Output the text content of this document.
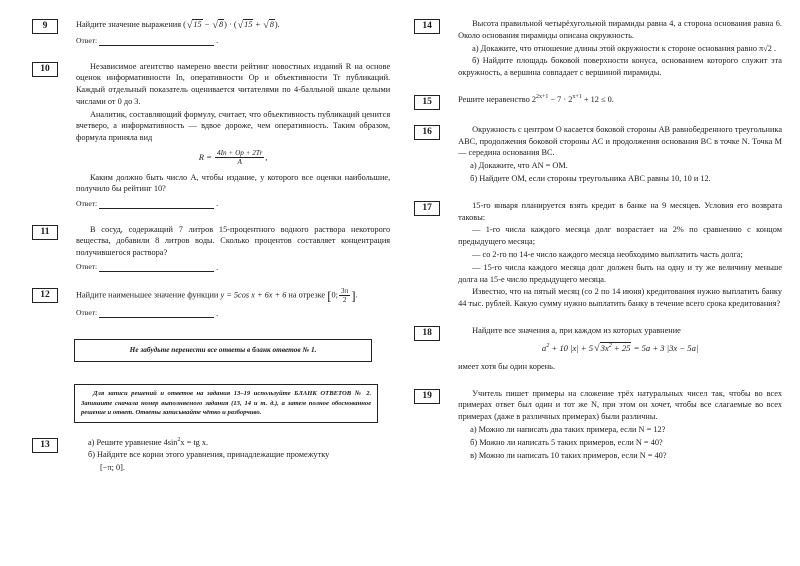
9	Найдите значение выражения (√15 − √8) · (√15 + √8).

Ответ:	.
10	Независимое агентство намерено ввести рейтинг новостных изданий R на основе оценок информативности In, оперативности Op и объективности Tr публикаций. Каждый отдельный показатель оценивается читателями по 4-балльной шкале целыми числами от 0 до 3.

Аналитик, составляющий формулу, считает, что объективность публикаций ценится вчетверо, а информативность — вдвое дороже, чем оперативность. Таким образом, формула приняла вид

$R = \frac{4In + Op + 2Tr}{A}$ ,

Каким должно быть число A, чтобы издание, у которого все оценки наибольшие, получило бы рейтинг 10?

Ответ:	.
11	В сосуд, содержащий 7 литров 15-процентного водного раствора некоторого вещества, добавили 8 литров воды. Сколько процентов составляет концентрация получившегося раствора?

Ответ:	.
12	Найдите наименьшее значение функции y = 5cos x + 6x + 6 на отрезке [0; $\frac{3\pi}{2}$ ].

Ответ:	.
Не забудьте перенести все ответы в бланк ответов № 1.
Для записи решений и ответов на задания 13–19 используйте БЛАНК ОТВЕТОВ № 2. Запишите сначала номер выполняемого задания (13, 14 и т. д.), а затем полное обоснованное решение и ответ. Ответы записывайте чётко и разборчиво.
13	а) Решите уравнение $4\sin^2x$ = tg x.

б) Найдите все корни этого уравнения, принадлежащие промежутку

[−π; 0].

14	Высота правильной четырёхугольной пирамиды равна 4, а сторона основания равна 6. Около основания пирамиды описана окружность.

а) Докажите, что отношение длины этой окружности к стороне основания равно π√2 .

б) Найдите площадь боковой поверхности конуса, основанием которого служит эта окружность, а вершина совпадает с вершиной пирамиды.

15	Решите неравенство $2^{2x+1} - 7 \cdot 2^{x+1} + 12 \le 0$.

16	Окружность с центром O касается боковой стороны AB равнобедренного треугольника ABC, продолжения боковой стороны AC и продолжения основания BC в точке N. Точка M — середина основания BC.

а) Докажите, что AN = OM.

б) Найдите OM, если стороны треугольника ABC равны 10, 10 и 12.

17	15-го января планируется взять кредит в банке на 9 месяцев. Условия его возврата таковы:

— 1-го числа каждого месяца долг возрастает на 2% по сравнению с концом предыдущего месяца;

— со 2-го по 14-е число каждого месяца необходимо выплатить часть долга;

— 15-го числа каждого месяца долг должен быть на одну и ту же величину меньше долга на 15-е число предыдущего месяца.

Известно, что на пятый месяц (со 2 по 14 июня) кредитования нужно выплатить банку 44 тыс. рублей. Какую сумму нужно выплатить банку в течение всего срока кредитования?

18	Найдите все значения a, при каждом из которых уравнение

$a^2 + 10$ $|x| + 5√3x^2 + 25 = 5a + 3$ |3x − 5a|

имеет хотя бы один корень.

19	Учитель пишет примеры на сложение трёх натуральных чисел так, чтобы во всех примерах ответ был один и тот же N, при этом он хочет, чтобы все слагаемые во всех примерах (даже в различных примерах) были различны.

а) Можно ли написать два таких примера, если N = 12?

б) Можно ли написать 5 таких примеров, если N = 40?

в) Можно ли написать 10 таких примеров, если N = 40?
